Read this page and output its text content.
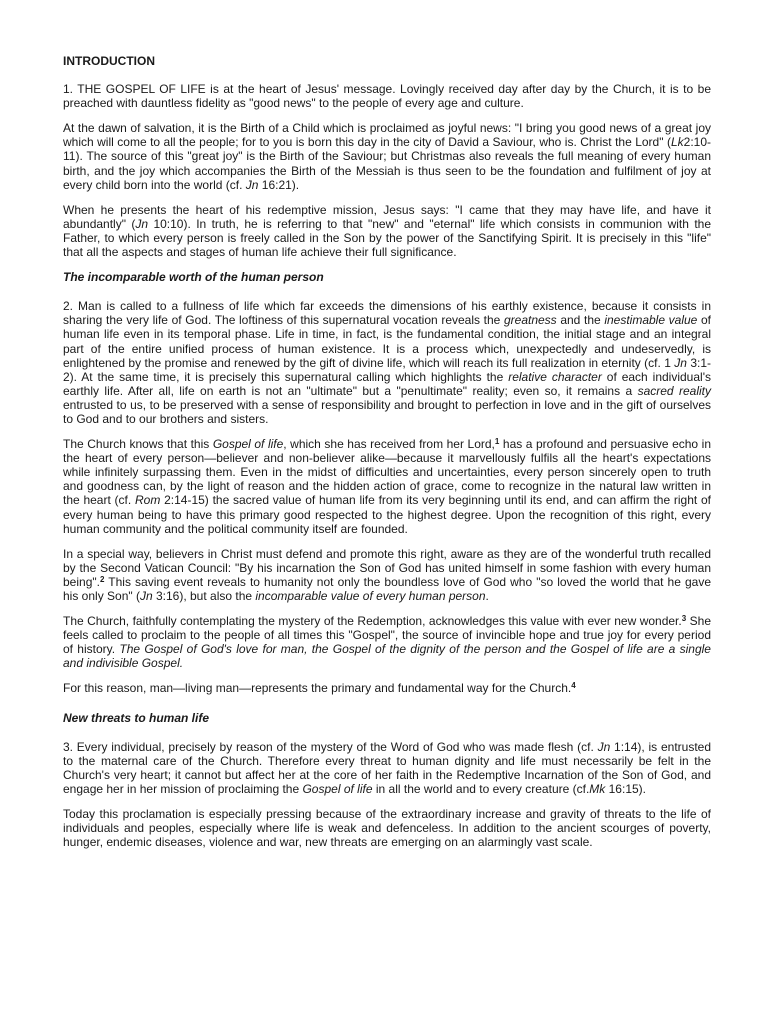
INTRODUCTION

1. THE GOSPEL OF LIFE is at the heart of Jesus' message. Lovingly received day after day by the Church, it is to be preached with dauntless fidelity as "good news" to the people of every age and culture.

At the dawn of salvation, it is the Birth of a Child which is proclaimed as joyful news: "I bring you good news of a great joy which will come to all the people; for to you is born this day in the city of David a Saviour, who is. Christ the Lord" (Lk2:10-11). The source of this "great joy" is the Birth of the Saviour; but Christmas also reveals the full meaning of every human birth, and the joy which accompanies the Birth of the Messiah is thus seen to be the foundation and fulfilment of joy at every child born into the world (cf. Jn 16:21).

When he presents the heart of his redemptive mission, Jesus says: "I came that they may have life, and have it abundantly" (Jn 10:10). In truth, he is referring to that "new" and "eternal" life which consists in communion with the Father, to which every person is freely called in the Son by the power of the Sanctifying Spirit. It is precisely in this "life" that all the aspects and stages of human life achieve their full significance.

The incomparable worth of the human person

2. Man is called to a fullness of life which far exceeds the dimensions of his earthly existence, because it consists in sharing the very life of God. The loftiness of this supernatural vocation reveals the greatness and the inestimable value of human life even in its temporal phase. Life in time, in fact, is the fundamental condition, the initial stage and an integral part of the entire unified process of human existence. It is a process which, unexpectedly and undeservedly, is enlightened by the promise and renewed by the gift of divine life, which will reach its full realization in eternity (cf. 1 Jn 3:1-2). At the same time, it is precisely this supernatural calling which highlights the relative character of each individual's earthly life. After all, life on earth is not an "ultimate" but a "penultimate" reality; even so, it remains a sacred reality entrusted to us, to be preserved with a sense of responsibility and brought to perfection in love and in the gift of ourselves to God and to our brothers and sisters.

The Church knows that this Gospel of life, which she has received from her Lord,$^1$ has a profound and persuasive echo in the heart of every person—believer and non-believer alike—because it marvellously fulfils all the heart's expectations while infinitely surpassing them. Even in the midst of difficulties and uncertainties, every person sincerely open to truth and goodness can, by the light of reason and the hidden action of grace, come to recognize in the natural law written in the heart (cf. Rom 2:14-15) the sacred value of human life from its very beginning until its end, and can affirm the right of every human being to have this primary good respected to the highest degree. Upon the recognition of this right, every human community and the political community itself are founded.

In a special way, believers in Christ must defend and promote this right, aware as they are of the wonderful truth recalled by the Second Vatican Council: "By his incarnation the Son of God has united himself in some fashion with every human being".$^2$ This saving event reveals to humanity not only the boundless love of God who "so loved the world that he gave his only Son" (Jn 3:16), but also the incomparable value of every human person.

The Church, faithfully contemplating the mystery of the Redemption, acknowledges this value with ever new wonder.$^3$ She feels called to proclaim to the people of all times this "Gospel", the source of invincible hope and true joy for every period of history. The Gospel of God's love for man, the Gospel of the dignity of the person and the Gospel of life are a single and indivisible Gospel.

For this reason, man—living man—represents the primary and fundamental way for the Church.$^4$

New threats to human life

3. Every individual, precisely by reason of the mystery of the Word of God who was made flesh (cf. Jn 1:14), is entrusted to the maternal care of the Church. Therefore every threat to human dignity and life must necessarily be felt in the Church's very heart; it cannot but affect her at the core of her faith in the Redemptive Incarnation of the Son of God, and engage her in her mission of proclaiming the Gospel of life in all the world and to every creature (cf.Mk 16:15).

Today this proclamation is especially pressing because of the extraordinary increase and gravity of threats to the life of individuals and peoples, especially where life is weak and defenceless. In addition to the ancient scourges of poverty, hunger, endemic diseases, violence and war, new threats are emerging on an alarmingly vast scale.
